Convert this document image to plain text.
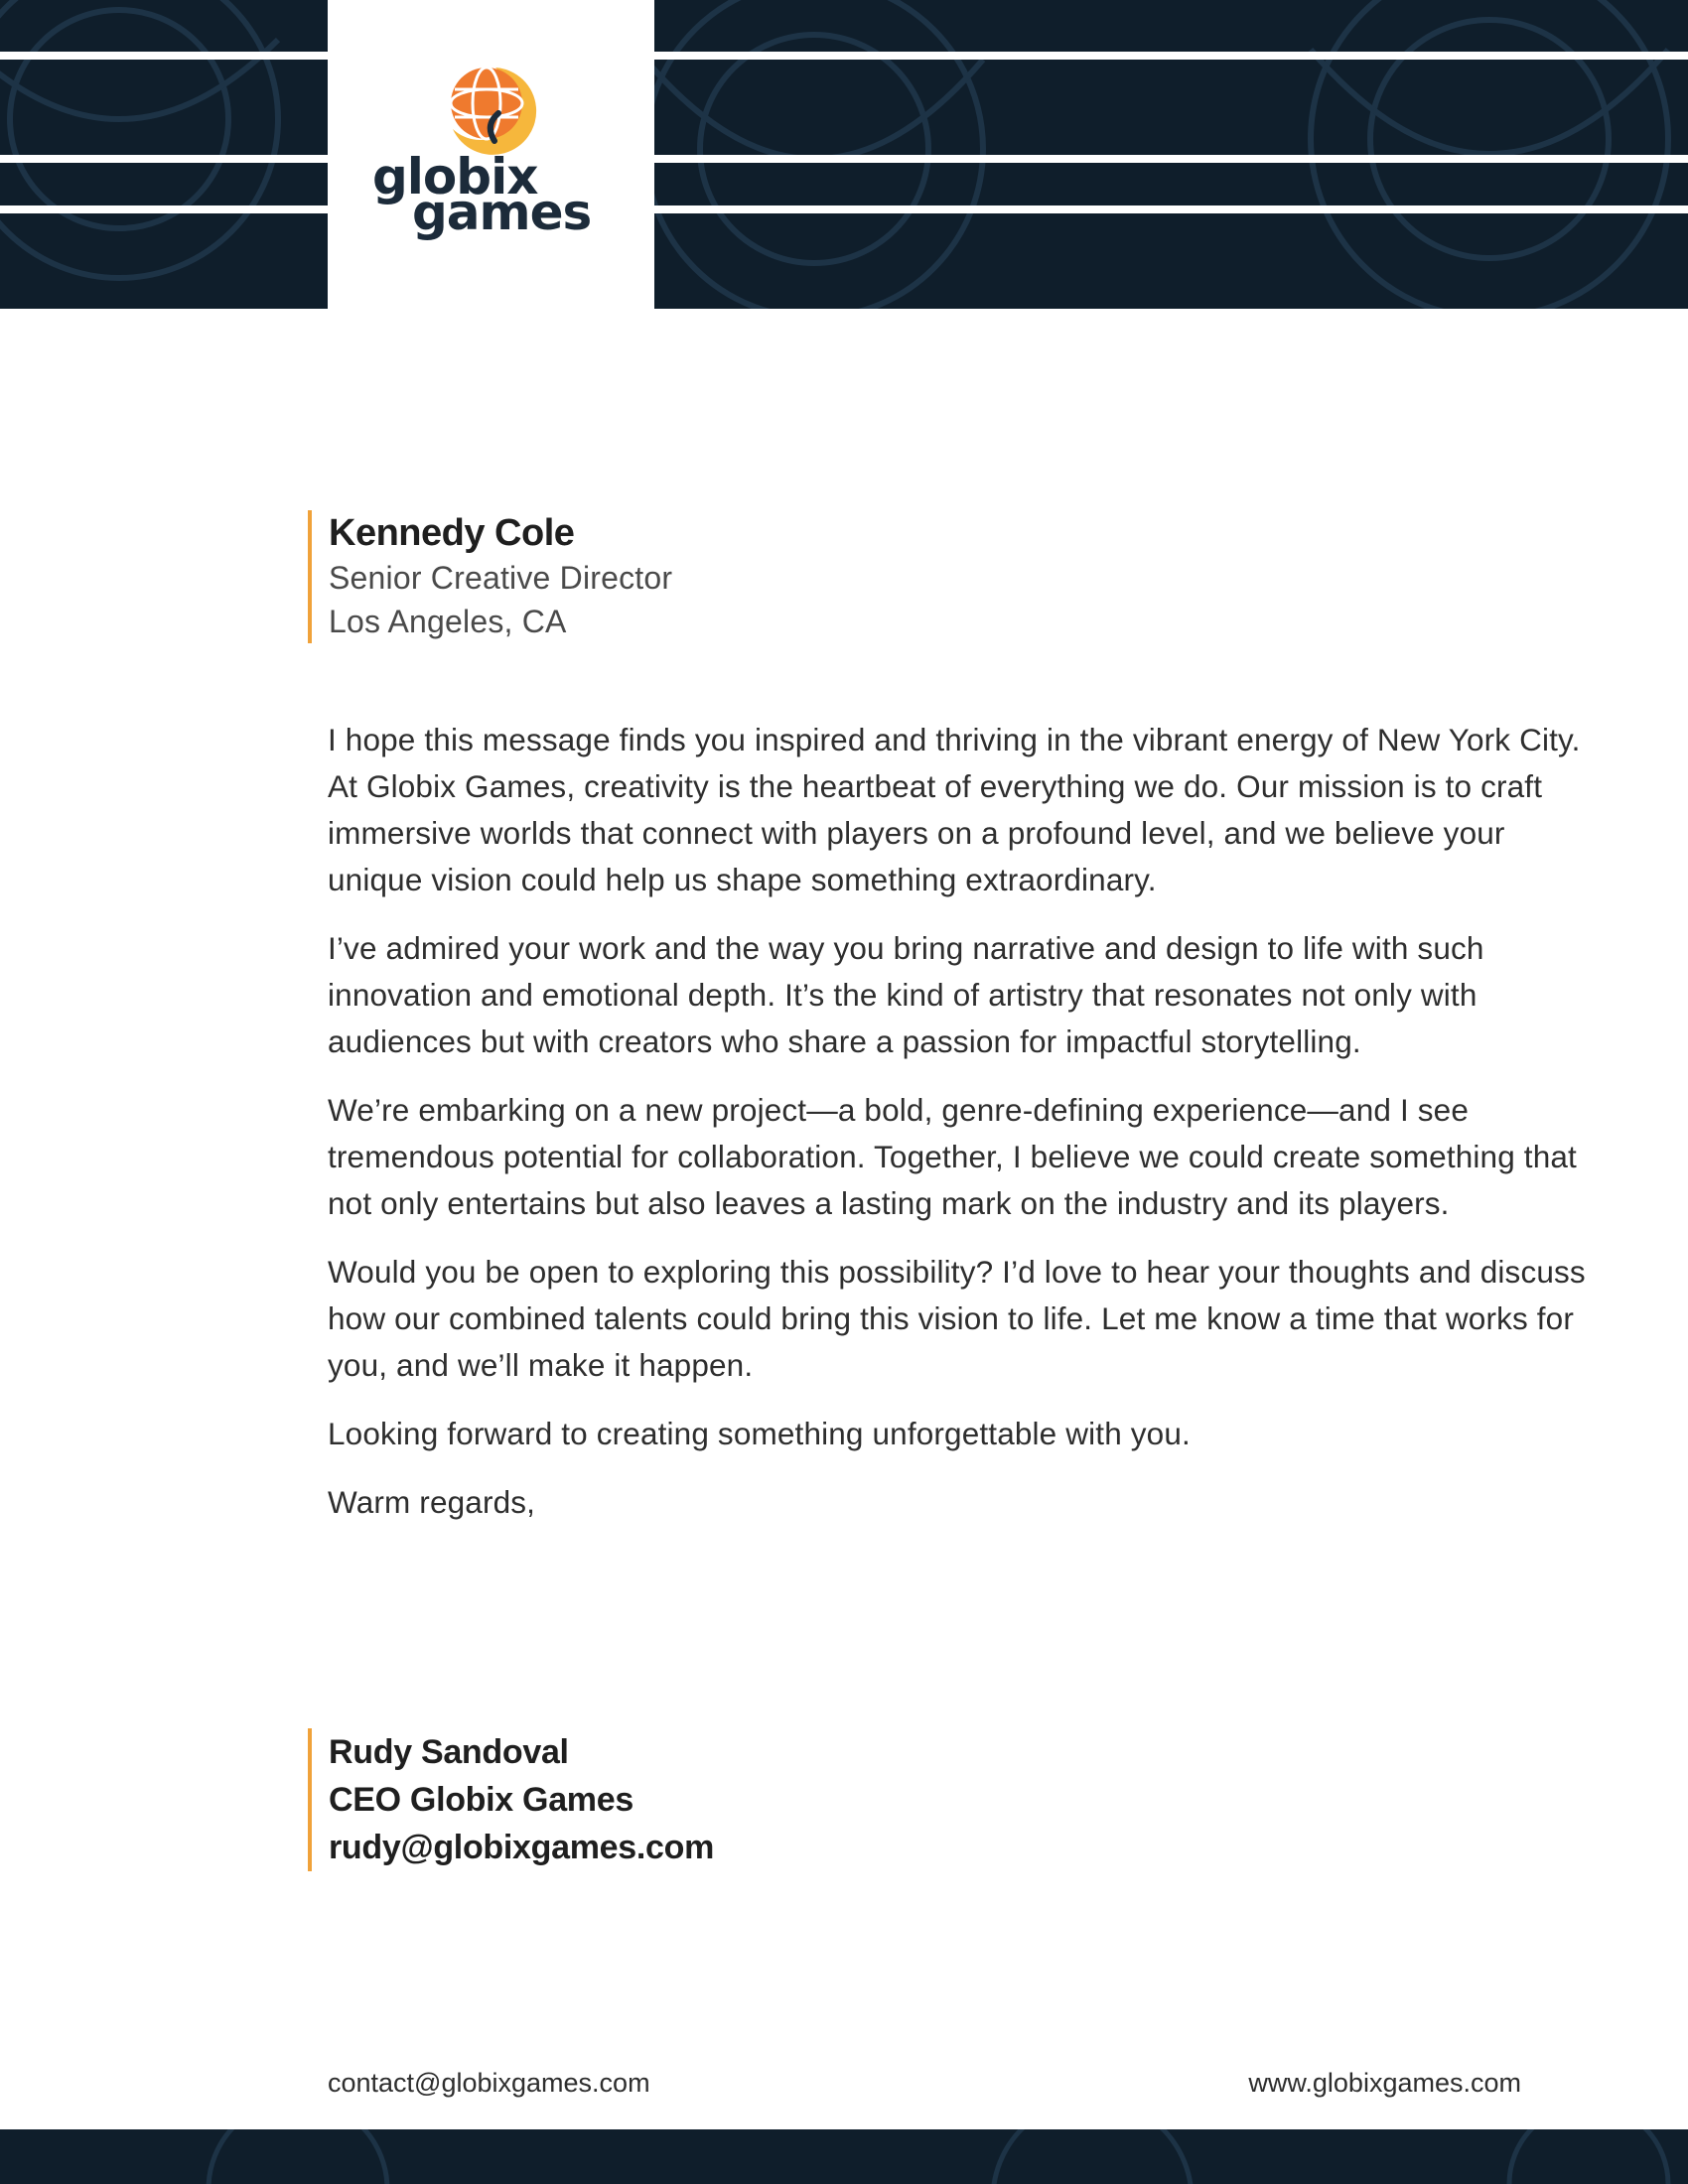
globix
games
Kennedy Cole
Senior Creative Director
Los Angeles, CA

I hope this message finds you inspired and thriving in the vibrant energy of New York City. At Globix Games, creativity is the heartbeat of everything we do. Our mission is to craft immersive worlds that connect with players on a profound level, and we believe your unique vision could help us shape something extraordinary.

I’ve admired your work and the way you bring narrative and design to life with such innovation and emotional depth. It’s the kind of artistry that resonates not only with audiences but with creators who share a passion for impactful storytelling.

We’re embarking on a new project—a bold, genre-defining experience—and I see tremendous potential for collaboration. Together, I believe we could create something that not only entertains but also leaves a lasting mark on the industry and its players.

Would you be open to exploring this possibility? I’d love to hear your thoughts and discuss how our combined talents could bring this vision to life. Let me know a time that works for you, and we’ll make it happen.

Looking forward to creating something unforgettable with you.

Warm regards,

Rudy Sandoval
CEO Globix Games
rudy@globixgames.com
contact@globixgames.com	www.globixgames.com
